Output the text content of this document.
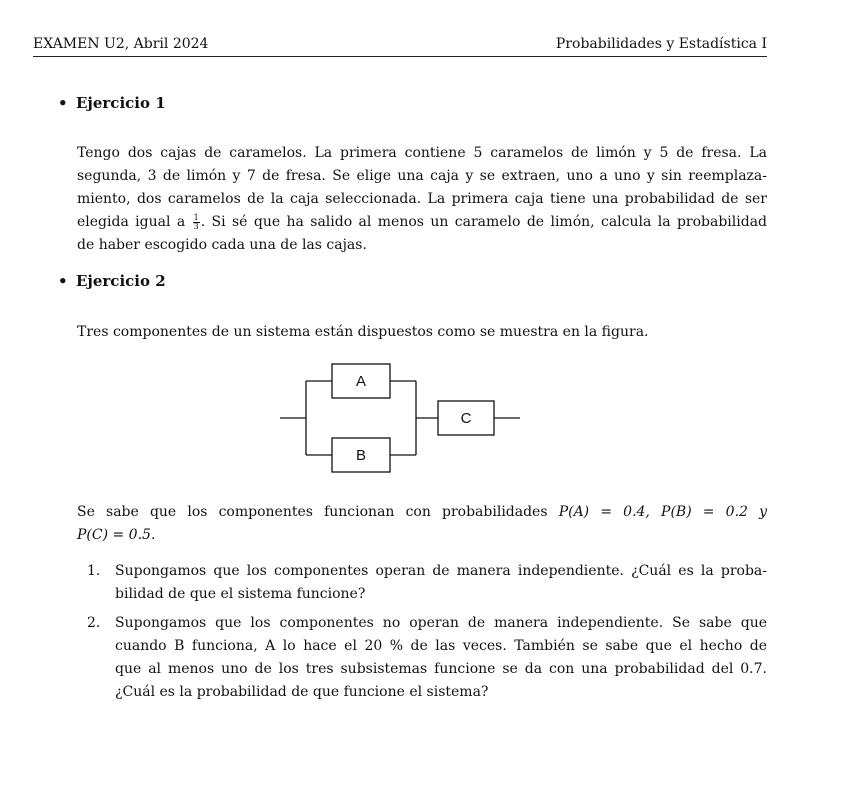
EXAMEN U2, Abril 2024	Probabilidades y Estadística I
• Ejercicio 1
Tengo dos cajas de caramelos. La primera contiene 5 caramelos de limón y 5 de fresa. La
segunda, 3 de limón y 7 de fresa. Se elige una caja y se extraen, uno a uno y sin reemplaza-
miento, dos caramelos de la caja seleccionada. La primera caja tiene una probabilidad de ser
elegida igual a $\frac{1}{3}$ . Si sé que ha salido al menos un caramelo de limón, calcula la probabilidad
de haber escogido cada una de las cajas.
• Ejercicio 2
Tres componentes de un sistema están dispuestos como se muestra en la figura.
A
B
C
Se sabe que los componentes funcionan con probabilidades P(A) = 0.4, P(B) = 0.2 y
P(C) = 0.5.
1. Supongamos que los componentes operan de manera independiente. ¿Cuál es la proba-
bilidad de que el sistema funcione?
2. Supongamos que los componentes no operan de manera independiente. Se sabe que
cuando B funciona, A lo hace el 20 % de las veces. También se sabe que el hecho de
que al menos uno de los tres subsistemas funcione se da con una probabilidad del 0.7.
¿Cuál es la probabilidad de que funcione el sistema?
